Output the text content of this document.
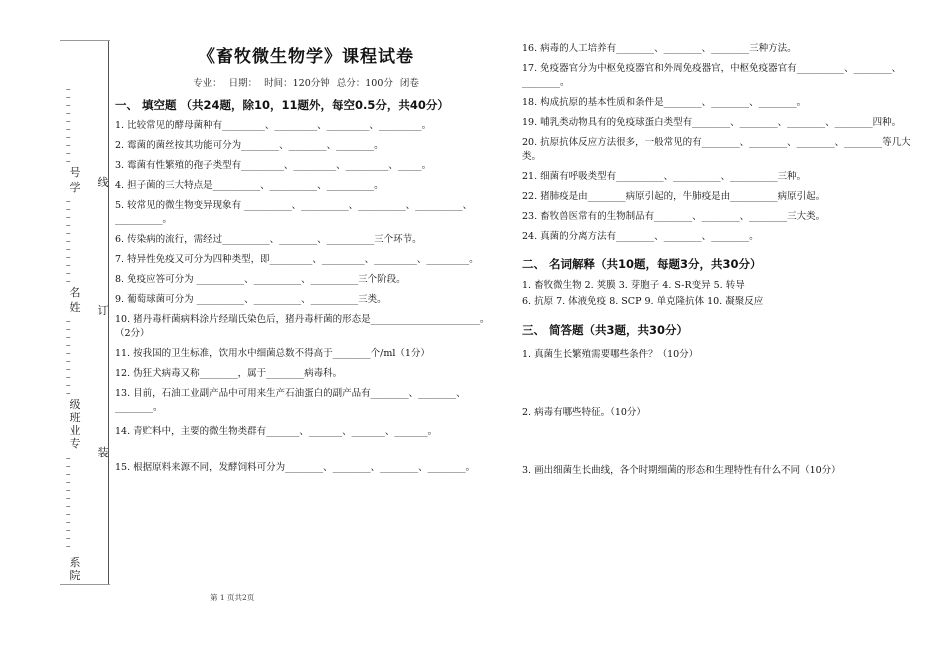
–
–
–
–
–
–
–
–
–
–
号
学
–
–
–
–
–
–
–
–
–
–
–
名
姓
–
–
–
–
–
–
–
–
–
–
级
班
业
专
–
–
–
–
–
–
–
–
–
–
–
–
系
院
线
订
装
《畜牧微生物学》课程试卷
专业： 日期： 时间：120分钟 总分：100分 闭卷
一、 填空题 （共24题，除10，11题外，每空0.5分，共40分）

1. 比较常见的酵母菌种有_________、_________、_________、_________。

2. 霉菌的菌丝按其功能可分为________、________、________。

3. 霉菌有性繁殖的孢子类型有_________、_________、_________、_____。

4. 担子菌的三大特点是__________、__________、__________。

5. 较常见的微生物变异现象有 __________、__________、__________、__________、__________。

6. 传染病的流行，需经过__________、________、__________三个环节。

7. 特异性免疫又可分为四种类型，即_________、_________、_________、_________。

8. 免疫应答可分为 __________、__________、__________三个阶段。

9. 葡萄球菌可分为 __________、__________、__________三类。

10. 猪丹毒杆菌病料涂片经瑞氏染色后，猪丹毒杆菌的形态是_______________________。（2分）

11. 按我国的卫生标准，饮用水中细菌总数不得高于________个/ml（1分）

12. 伪狂犬病毒又称________，属于________病毒科。

13. 目前，石油工业副产品中可用来生产石油蛋白的副产品有________、________、________。

14. 青贮料中，主要的微生物类群有_______、_______、_______、_______。

15. 根据原料来源不同，发酵饲料可分为________、________、________、________。

16. 病毒的人工培养有________、________、________三种方法。

17. 免疫器官分为中枢免疫器官和外周免疫器官，中枢免疫器官有__________、________、________。

18. 构成抗原的基本性质和条件是________、________、________。

19. 哺乳类动物具有的免疫球蛋白类型有________、________、________、________四种。

20. 抗原抗体反应方法很多，一般常见的有________、________、________、________等几大类。

21. 细菌有呼吸类型有__________、__________、__________三种。

22. 猪肺疫是由________病原引起的，牛肺疫是由__________病原引起。

23. 畜牧兽医常有的生物制品有________、________、________三大类。

24. 真菌的分离方法有________、________、________。

二、 名词解释（共10题，每题3分，共30分）

1. 畜牧微生物 2. 荚膜 3. 芽胞子 4. S-R变异 5. 转导

6. 抗原 7. 体液免疫 8. SCP 9. 单克隆抗体 10. 凝聚反应

三、 简答题（共3题，共30分）

1. 真菌生长繁殖需要哪些条件？（10分）

2. 病毒有哪些特征。（10分）

3. 画出细菌生长曲线，各个时期细菌的形态和生理特性有什么不同（10分）

第 1 页共2页
